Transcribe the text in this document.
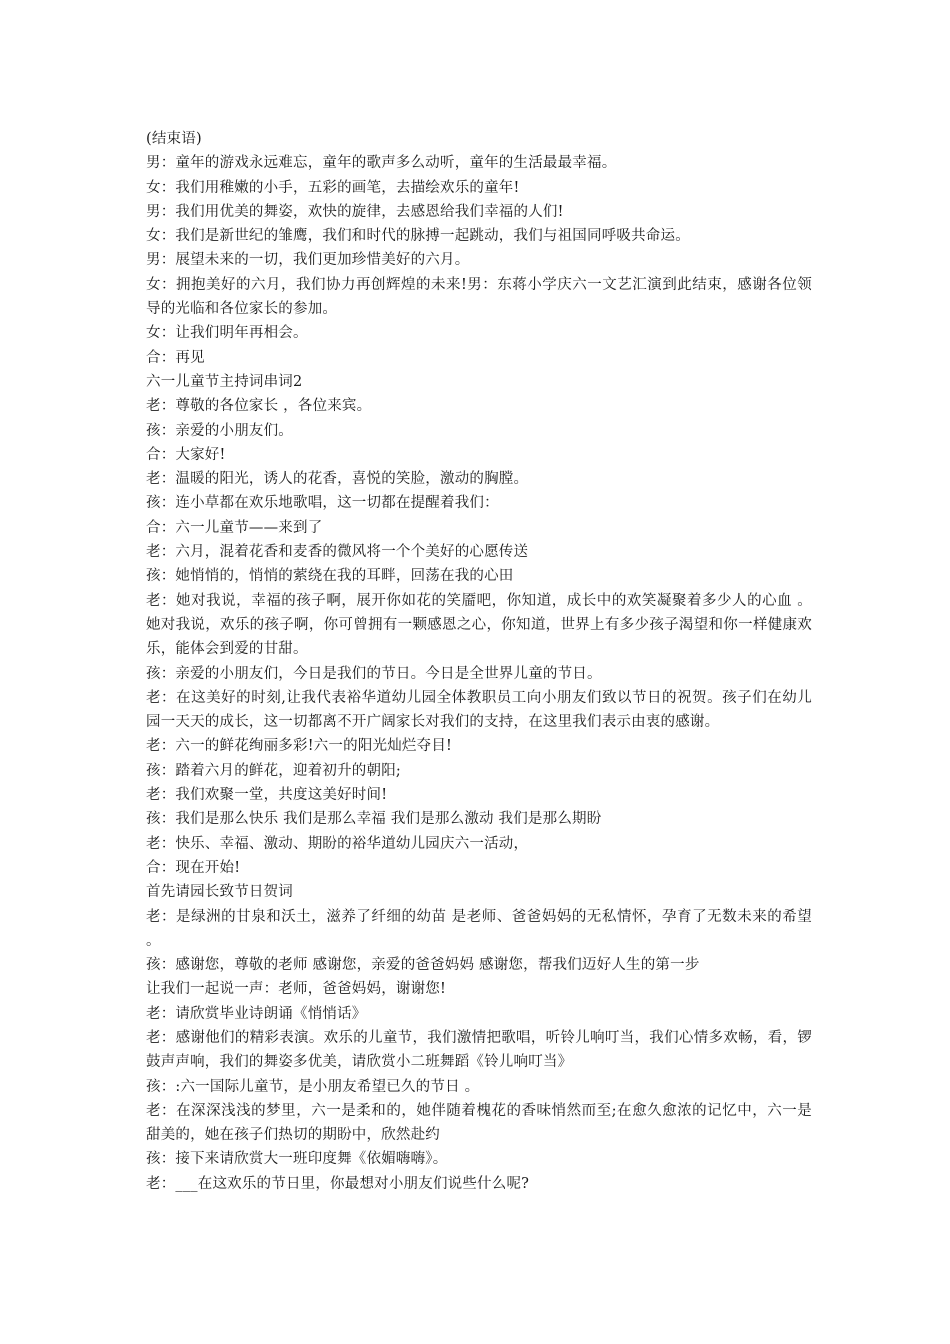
(结束语)

男：童年的游戏永远难忘，童年的歌声多么动听，童年的生活最最幸福。

女：我们用稚嫩的小手，五彩的画笔，去描绘欢乐的童年!

男：我们用优美的舞姿，欢快的旋律，去感恩给我们幸福的人们!

女：我们是新世纪的雏鹰，我们和时代的脉搏一起跳动，我们与祖国同呼吸共命运。

男：展望未来的一切，我们更加珍惜美好的六月。

女：拥抱美好的六月，我们协力再创辉煌的未来!男：东蒋小学庆六一文艺汇演到此结束，感谢各位领导的光临和各位家长的参加。

女：让我们明年再相会。

合：再见

六一儿童节主持词串词2

老：尊敬的各位家长 ，各位来宾。

孩：亲爱的小朋友们。

合：大家好!

老：温暖的阳光，诱人的花香，喜悦的笑脸，激动的胸膛。

孩：连小草都在欢乐地歌唱，这一切都在提醒着我们：

合：六一儿童节——来到了

老：六月，混着花香和麦香的微风将一个个美好的心愿传送

孩：她悄悄的，悄悄的萦绕在我的耳畔，回荡在我的心田

老：她对我说，幸福的孩子啊，展开你如花的笑靥吧，你知道，成长中的欢笑凝聚着多少人的心血 。她对我说，欢乐的孩子啊，你可曾拥有一颗感恩之心，你知道，世界上有多少孩子渴望和你一样健康欢乐，能体会到爱的甘甜。

孩：亲爱的小朋友们，今日是我们的节日。今日是全世界儿童的节日。

老：在这美好的时刻,让我代表裕华道幼儿园全体教职员工向小朋友们致以节日的祝贺。孩子们在幼儿园一天天的成长，这一切都离不开广阔家长对我们的支持，在这里我们表示由衷的感谢。

老：六一的鲜花绚丽多彩!六一的阳光灿烂夺目!

孩：踏着六月的鲜花，迎着初升的朝阳;

老：我们欢聚一堂，共度这美好时间!

孩：我们是那么快乐 我们是那么幸福 我们是那么激动 我们是那么期盼

老：快乐、幸福、激动、期盼的裕华道幼儿园庆六一活动，

合：现在开始!

首先请园长致节日贺词

老：是绿洲的甘泉和沃土，滋养了纤细的幼苗 是老师、爸爸妈妈的无私情怀，孕育了无数未来的希望 。

孩：感谢您，尊敬的老师 感谢您，亲爱的爸爸妈妈 感谢您，帮我们迈好人生的第一步

让我们一起说一声：老师，爸爸妈妈，谢谢您!

老：请欣赏毕业诗朗诵《悄悄话》

老：感谢他们的精彩表演。欢乐的儿童节，我们激情把歌唱，听铃儿响叮当，我们心情多欢畅，看，锣鼓声声响，我们的舞姿多优美，请欣赏小二班舞蹈《铃儿响叮当》

孩：:六一国际儿童节，是小朋友希望已久的节日 。

老：在深深浅浅的梦里，六一是柔和的，她伴随着槐花的香味悄然而至;在愈久愈浓的记忆中，六一是甜美的，她在孩子们热切的期盼中，欣然赴约

孩：接下来请欣赏大一班印度舞《依媚嗨嗨》。

老：___在这欢乐的节日里，你最想对小朋友们说些什么呢?
